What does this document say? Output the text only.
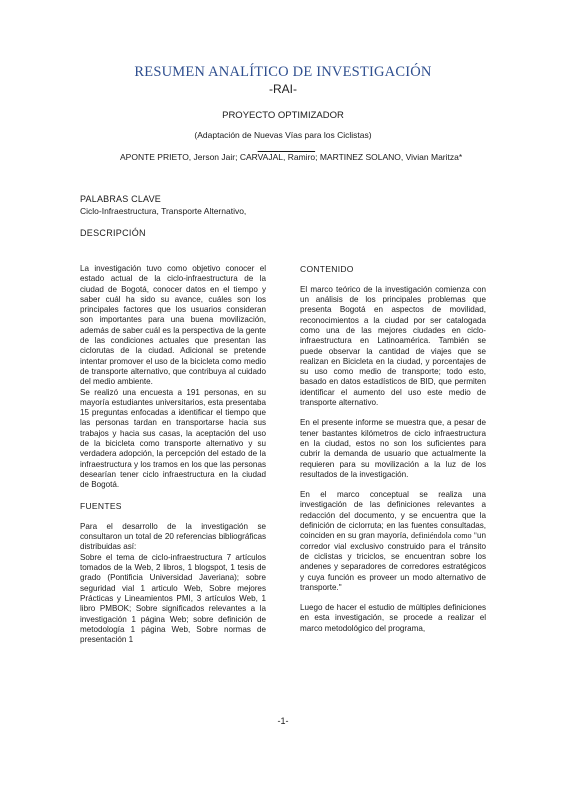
RESUMEN ANALÍTICO DE INVESTIGACIÓN
-RAI-
PROYECTO OPTIMIZADOR
(Adaptación de Nuevas Vías para los Ciclistas)
APONTE PRIETO, Jerson Jair; CARVAJAL, Ramiro; MARTINEZ SOLANO, Vivian Maritza*
PALABRAS CLAVE
Ciclo-Infraestructura, Transporte Alternativo,
DESCRIPCIÓN

La investigación tuvo como objetivo conocer el estado actual de la ciclo-infraestructura de la ciudad de Bogotá, conocer datos en el tiempo y saber cuál ha sido su avance, cuáles son los principales factores que los usuarios consideran son importantes para una buena movilización, además de saber cuál es la perspectiva de la gente de las condiciones actuales que presentan las ciclorutas de la ciudad. Adicional se pretende intentar promover el uso de la bicicleta como medio de transporte alternativo, que contribuya al cuidado del medio ambiente.

Se realizó una encuesta a 191 personas, en su mayoría estudiantes universitarios, esta presentaba 15 preguntas enfocadas a identificar el tiempo que las personas tardan en transportarse hacia sus trabajos y hacia sus casas, la aceptación del uso de la bicicleta como transporte alternativo y su verdadera adopción, la percepción del estado de la infraestructura y los tramos en los que las personas desearían tener ciclo infraestructura en la ciudad de Bogotá.

FUENTES

Para el desarrollo de la investigación se consultaron un total de 20 referencias bibliográficas distribuidas así:

Sobre el tema de ciclo-infraestructura 7 artículos tomados de la Web, 2 libros, 1 blogspot, 1 tesis de grado (Pontificia Universidad Javeriana); sobre seguridad vial 1 articulo Web, Sobre mejores Prácticas y Lineamientos PMI, 3 artículos Web, 1 libro PMBOK; Sobre significados relevantes a la investigación 1 página Web; sobre definición de metodología 1 página Web, Sobre normas de presentación 1

CONTENIDO

El marco teórico de la investigación comienza con un análisis de los principales problemas que presenta Bogotá en aspectos de movilidad, reconocimientos a la ciudad por ser catalogada como una de las mejores ciudades en ciclo-infraestructura en Latinoamérica. También se puede observar la cantidad de viajes que se realizan en Bicicleta en la ciudad, y porcentajes de su uso como medio de transporte; todo esto, basado en datos estadísticos de BID, que permiten identificar el aumento del uso este medio de transporte alternativo.

En el presente informe se muestra que, a pesar de tener bastantes kilómetros de ciclo infraestructura en la ciudad, estos no son los suficientes para cubrir la demanda de usuario que actualmente la requieren para su movilización a la luz de los resultados de la investigación.

En el marco conceptual se realiza una investigación de las definiciones relevantes a redacción del documento, y se encuentra que la definición de ciclorruta; en las fuentes consultadas, coinciden en su gran mayoría, definiéndola como "un corredor vial exclusivo construido para el tránsito de ciclistas y triciclos, se encuentran sobre los andenes y separadores de corredores estratégicos y cuya función es proveer un modo alternativo de transporte."

Luego de hacer el estudio de múltiples definiciones en esta investigación, se procede a realizar el marco metodológico del programa,

-1-
